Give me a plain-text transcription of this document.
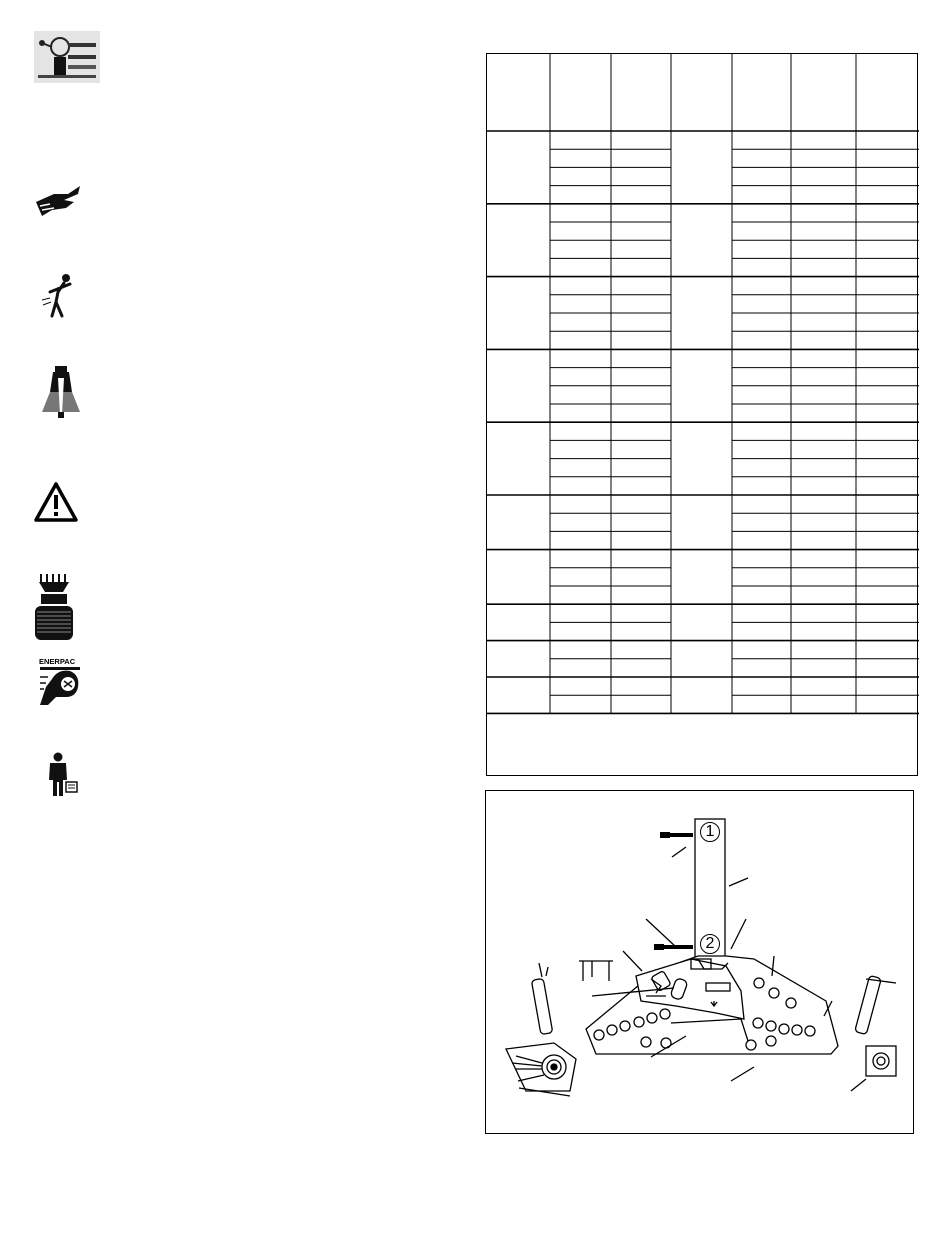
ENERPAC
1
2
